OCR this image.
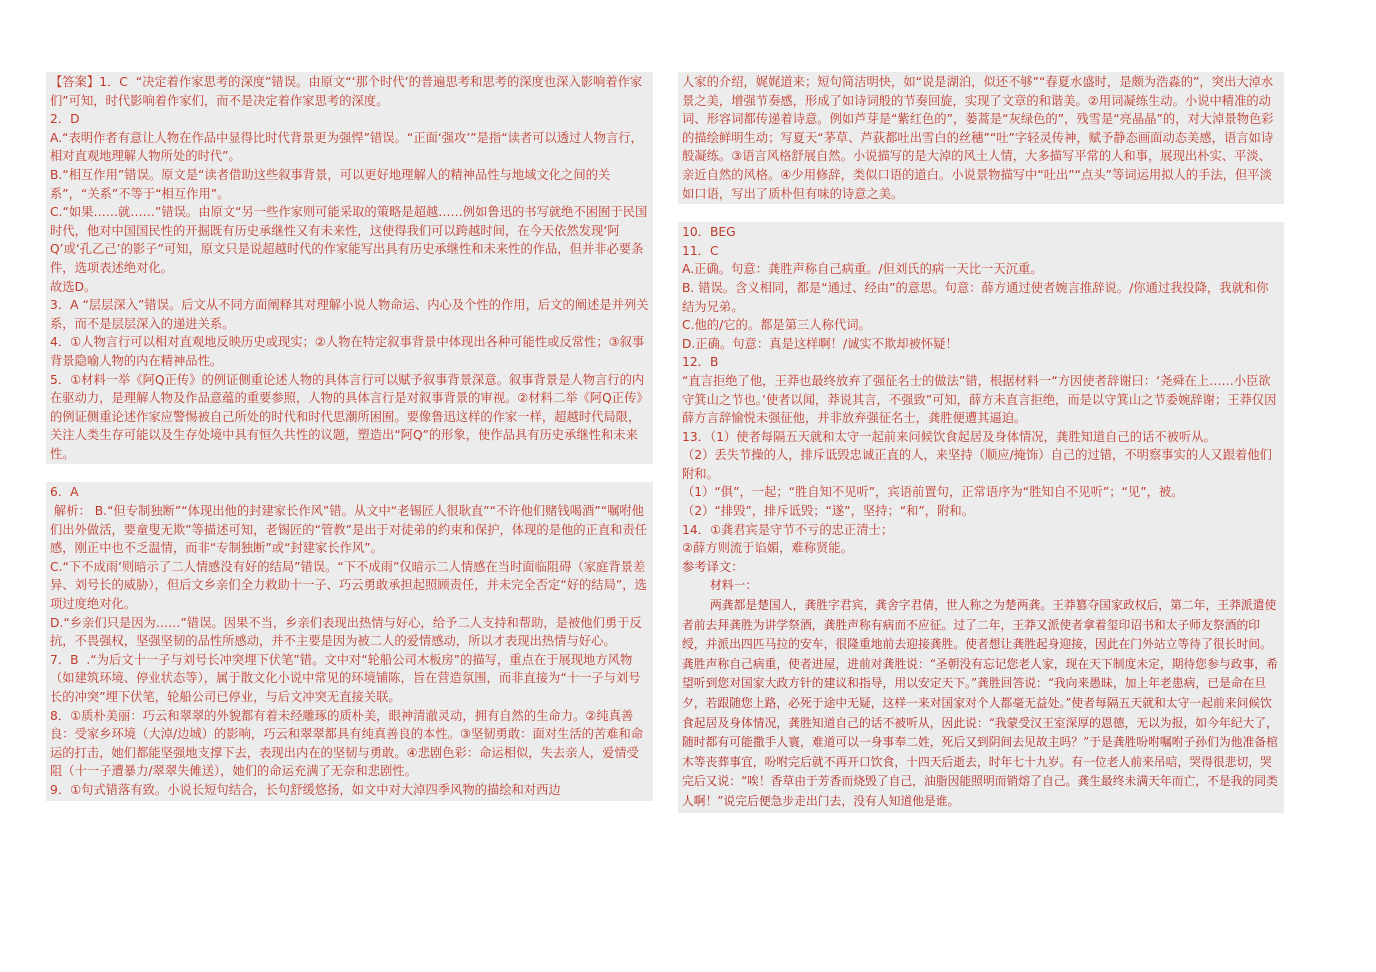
【答案】1．C  “决定着作家思考的深度”错误。由原文“‘那个时代’的普遍思考和思考的深度也深入影响着作家们”可知，时代影响着作家们，而不是决定着作家思考的深度。

2．D

A.“表明作者有意让人物在作品中显得比时代背景更为强悍”错误。“正面‘强攻’”是指“读者可以透过人物言行，相对直观地理解人物所处的时代”。

B.“相互作用”错误。原文是“读者借助这些叙事背景，可以更好地理解人的精神品性与地域文化之间的关系”，“关系”不等于“相互作用”。

C.“如果……就……”错误。由原文“另一些作家则可能采取的策略是超越……例如鲁迅的书写就绝不困囿于民国时代，他对中国国民性的开掘既有历史承继性又有未来性，这使得我们可以跨越时间，在今天依然发现‘阿Q’或‘孔乙己’的影子”可知，原文只是说超越时代的作家能写出具有历史承继性和未来性的作品，但并非必要条件，选项表述绝对化。

故选D。

3．A “层层深入”错误。后文从不同方面阐释其对理解小说人物命运、内心及个性的作用，后文的阐述是并列关系，而不是层层深入的递进关系。

4．①人物言行可以相对直观地反映历史或现实；②人物在特定叙事背景中体现出各种可能性或反常性；③叙事背景隐喻人物的内在精神品性。

5．①材料一举《阿Q正传》的例证侧重论述人物的具体言行可以赋予叙事背景深意。叙事背景是人物言行的内在驱动力，是理解人物及作品意蕴的重要参照，人物的具体言行是对叙事背景的审视。②材料二举《阿Q正传》的例证侧重论述作家应警惕被自己所处的时代和时代思潮所困囿。要像鲁迅这样的作家一样，超越时代局限，关注人类生存可能以及生存处境中具有恒久共性的议题，塑造出“阿Q”的形象，使作品具有历史承继性和未来性。

6．A

解析： B.“但专制独断”“体现出他的封建家长作风”错。从文中“老锡匠人很耿直”“不许他们赌钱喝酒”“嘱咐他们出外做活，要童叟无欺”等描述可知，老锡匠的“管教”是出于对徒弟的约束和保护，体现的是他的正直和责任感，刚正中也不乏温情，而非“专制独断”或“封建家长作风”。

C.“下不成雨’则暗示了二人情感没有好的结局”错误。“下不成雨”仅暗示二人情感在当时面临阻碍（家庭背景差异、刘号长的威胁），但后文乡亲们全力救助十一子、巧云勇敢承担起照顾责任，并未完全否定“好的结局”，选项过度绝对化。

D.“乡亲们只是因为……”错误。因果不当，乡亲们表现出热情与好心，给予二人支持和帮助，是被他们勇于反抗，不畏强权，坚强坚韧的品性所感动，并不主要是因为被二人的爱情感动，所以才表现出热情与好心。

7．B  .“为后文十一子与刘号长冲突埋下伏笔”错。文中对“轮船公司木板房”的描写，重点在于展现地方风物（如建筑环境、停业状态等），属于散文化小说中常见的环境铺陈，旨在营造氛围，而非直接为“十一子与刘号长的冲突”埋下伏笔，轮船公司已停业，与后文冲突无直接关联。

8．①质朴美丽：巧云和翠翠的外貌都有着未经雕琢的质朴美，眼神清澈灵动，拥有自然的生命力。②纯真善良：受家乡环境（大淖/边城）的影响，巧云和翠翠都具有纯真善良的本性。③坚韧勇敢：面对生活的苦难和命运的打击，她们都能坚强地支撑下去，表现出内在的坚韧与勇敢。④悲剧色彩：命运相似，失去亲人，爱情受阻（十一子遭暴力/翠翠失傩送），她们的命运充满了无奈和悲剧性。

9．①句式错落有致。小说长短句结合，长句舒缓悠扬，如文中对大淖四季风物的描绘和对西边

人家的介绍，娓娓道来；短句简洁明快，如“说是湖泊，似还不够”“春夏水盛时，是颇为浩淼的”，突出大淖水景之美，增强节奏感，形成了如诗词般的节奏回旋，实现了文章的和谐美。②用词凝练生动。小说中精准的动词、形容词都传递着诗意。例如芦芽是“紫红色的”，蒌蒿是“灰绿色的”，残雪是“亮晶晶”的，对大淖景物色彩的描绘鲜明生动；写夏天“茅草、芦荻都吐出雪白的丝穗”“吐”字轻灵传神，赋予静态画面动态美感，语言如诗般凝练。③语言风格舒展自然。小说描写的是大淖的风土人情，大多描写平常的人和事，展现出朴实、平淡、亲近自然的风格。④少用修辞，类似口语的道白。小说景物描写中“吐出”“点头”等词运用拟人的手法，但平淡如口语，写出了质朴但有味的诗意之美。

10．BEG

11．C

A.正确。句意：龚胜声称自己病重。/但刘氏的病一天比一天沉重。

B. 错误。含义相同，都是“通过、经由”的意思。句意：薛方通过使者婉言推辞说。/你通过我投降，我就和你结为兄弟。

C.他的/它的。都是第三人称代词。

D.正确。句意：真是这样啊！/诚实不欺却被怀疑！

12．B

“直言拒绝了他，王莽也最终放弃了强征名士的做法”错，根据材料一“方因使者辞谢曰：‘尧舜在上……小臣欲守箕山之节也。’使者以闻，莽说其言，不强致”可知，薛方未直言拒绝，而是以守箕山之节委婉辞谢；王莽仅因薛方言辞愉悦未强征他，并非放弃强征名士，龚胜便遭其逼迫。

13．（1）使者每隔五天就和太守一起前来问候饮食起居及身体情况，龚胜知道自己的话不被听从。

（2）丢失节操的人，排斥诋毁忠诚正直的人，来坚持（顺应/掩饰）自己的过错，不明察事实的人又跟着他们附和。

（1）“俱”，一起；“胜自知不见听”，宾语前置句，正常语序为“胜知自不见听”；“见”，被。

（2）“排毁”，排斥诋毁；“遂”，坚持；“和”，附和。

14．①龚君宾是守节不亏的忠正清士；

②薛方则流于谄媚，难称贤能。

参考译文：

材料一：

两龚都是楚国人，龚胜字君宾，龚舍字君倩，世人称之为楚两龚。王莽篡夺国家政权后，第二年，王莽派遣使者前去拜龚胜为讲学祭酒，龚胜声称有病而不应征。过了二年，王莽又派使者拿着玺印诏书和太子师友祭酒的印绶，并派出四匹马拉的安车，很隆重地前去迎接龚胜。使者想让龚胜起身迎接，因此在门外站立等待了很长时间。龚胜声称自己病重，使者进屋，进前对龚胜说：“圣朝没有忘记您老人家，现在天下制度未定，期待您参与政事，希望听到您对国家大政方针的建议和指导，用以安定天下。”龚胜回答说：“我向来愚昧，加上年老患病，已是命在旦夕，若跟随您上路，必死于途中无疑，这样一来对国家对个人都毫无益处。”使者每隔五天就和太守一起前来问候饮食起居及身体情况，龚胜知道自己的话不被听从，因此说：“我蒙受汉王室深厚的恩德，无以为报，如今年纪大了，随时都有可能撒手人寰，难道可以一身事奉二姓，死后又到阴间去见故主吗？”于是龚胜吩咐嘱咐子孙们为他准备棺木等丧葬事宜，吩咐完后就不再开口饮食，十四天后逝去，时年七十九岁。有一位老人前来吊唁，哭得很悲切，哭完后又说：“唉！香草由于芳香而烧毁了自己，油脂因能照明而销熔了自己。龚生最终未满天年而亡，不是我的同类人啊！”说完后便急步走出门去，没有人知道他是谁。
